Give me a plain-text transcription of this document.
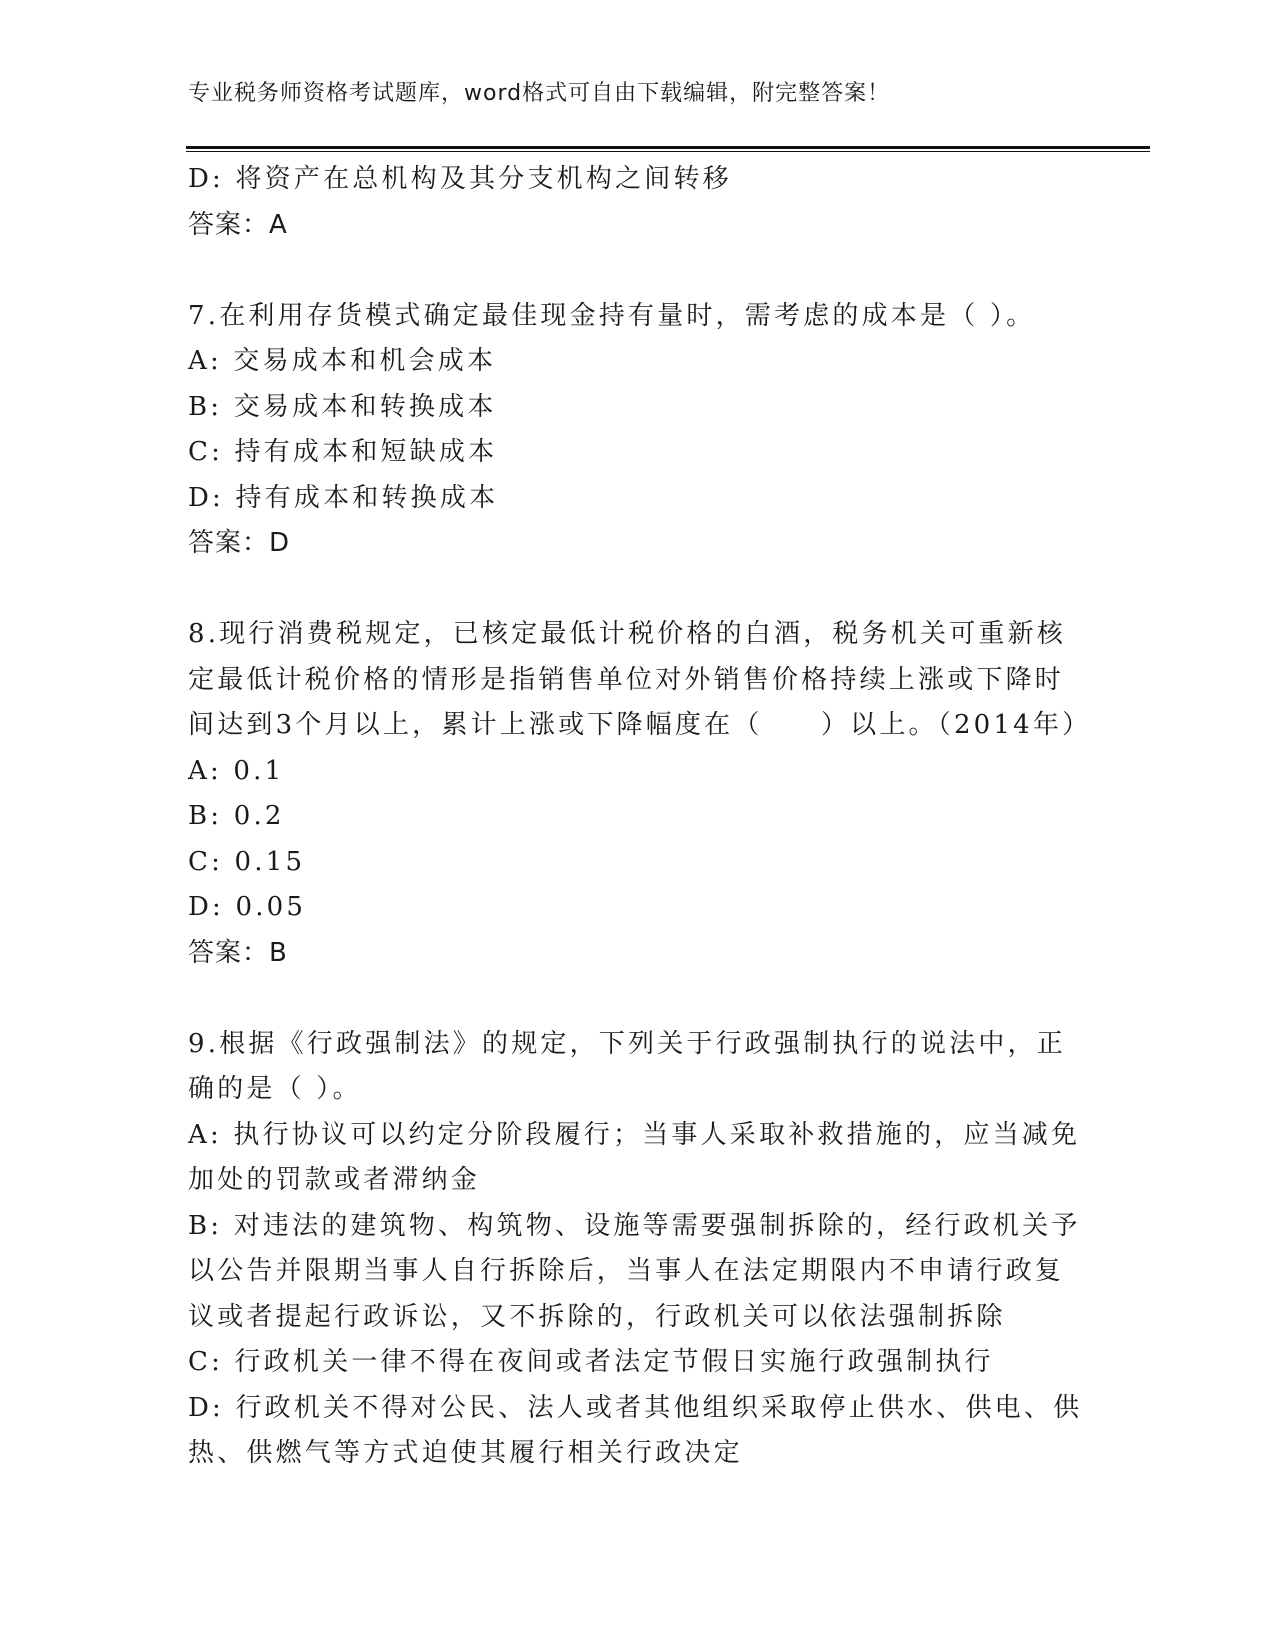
专业税务师资格考试题库，word格式可自由下载编辑，附完整答案！
D: 将资产在总机构及其分支机构之间转移
答案：A
7.在利用存货模式确定最佳现金持有量时，需考虑的成本是（ ）。
A: 交易成本和机会成本
B: 交易成本和转换成本
C: 持有成本和短缺成本
D: 持有成本和转换成本
答案：D
8.现行消费税规定，已核定最低计税价格的白酒，税务机关可重新核
定最低计税价格的情形是指销售单位对外销售价格持续上涨或下降时
间达到3个月以上，累计上涨或下降幅度在（　　）以上。（2014年）
A: 0.1
B: 0.2
C: 0.15
D: 0.05
答案：B
9.根据《行政强制法》的规定，下列关于行政强制执行的说法中，正
确的是（ ）。
A: 执行协议可以约定分阶段履行；当事人采取补救措施的，应当减免
加处的罚款或者滞纳金
B: 对违法的建筑物、构筑物、设施等需要强制拆除的，经行政机关予
以公告并限期当事人自行拆除后，当事人在法定期限内不申请行政复
议或者提起行政诉讼，又不拆除的，行政机关可以依法强制拆除
C: 行政机关一律不得在夜间或者法定节假日实施行政强制执行
D: 行政机关不得对公民、法人或者其他组织采取停止供水、供电、供
热、供燃气等方式迫使其履行相关行政决定
